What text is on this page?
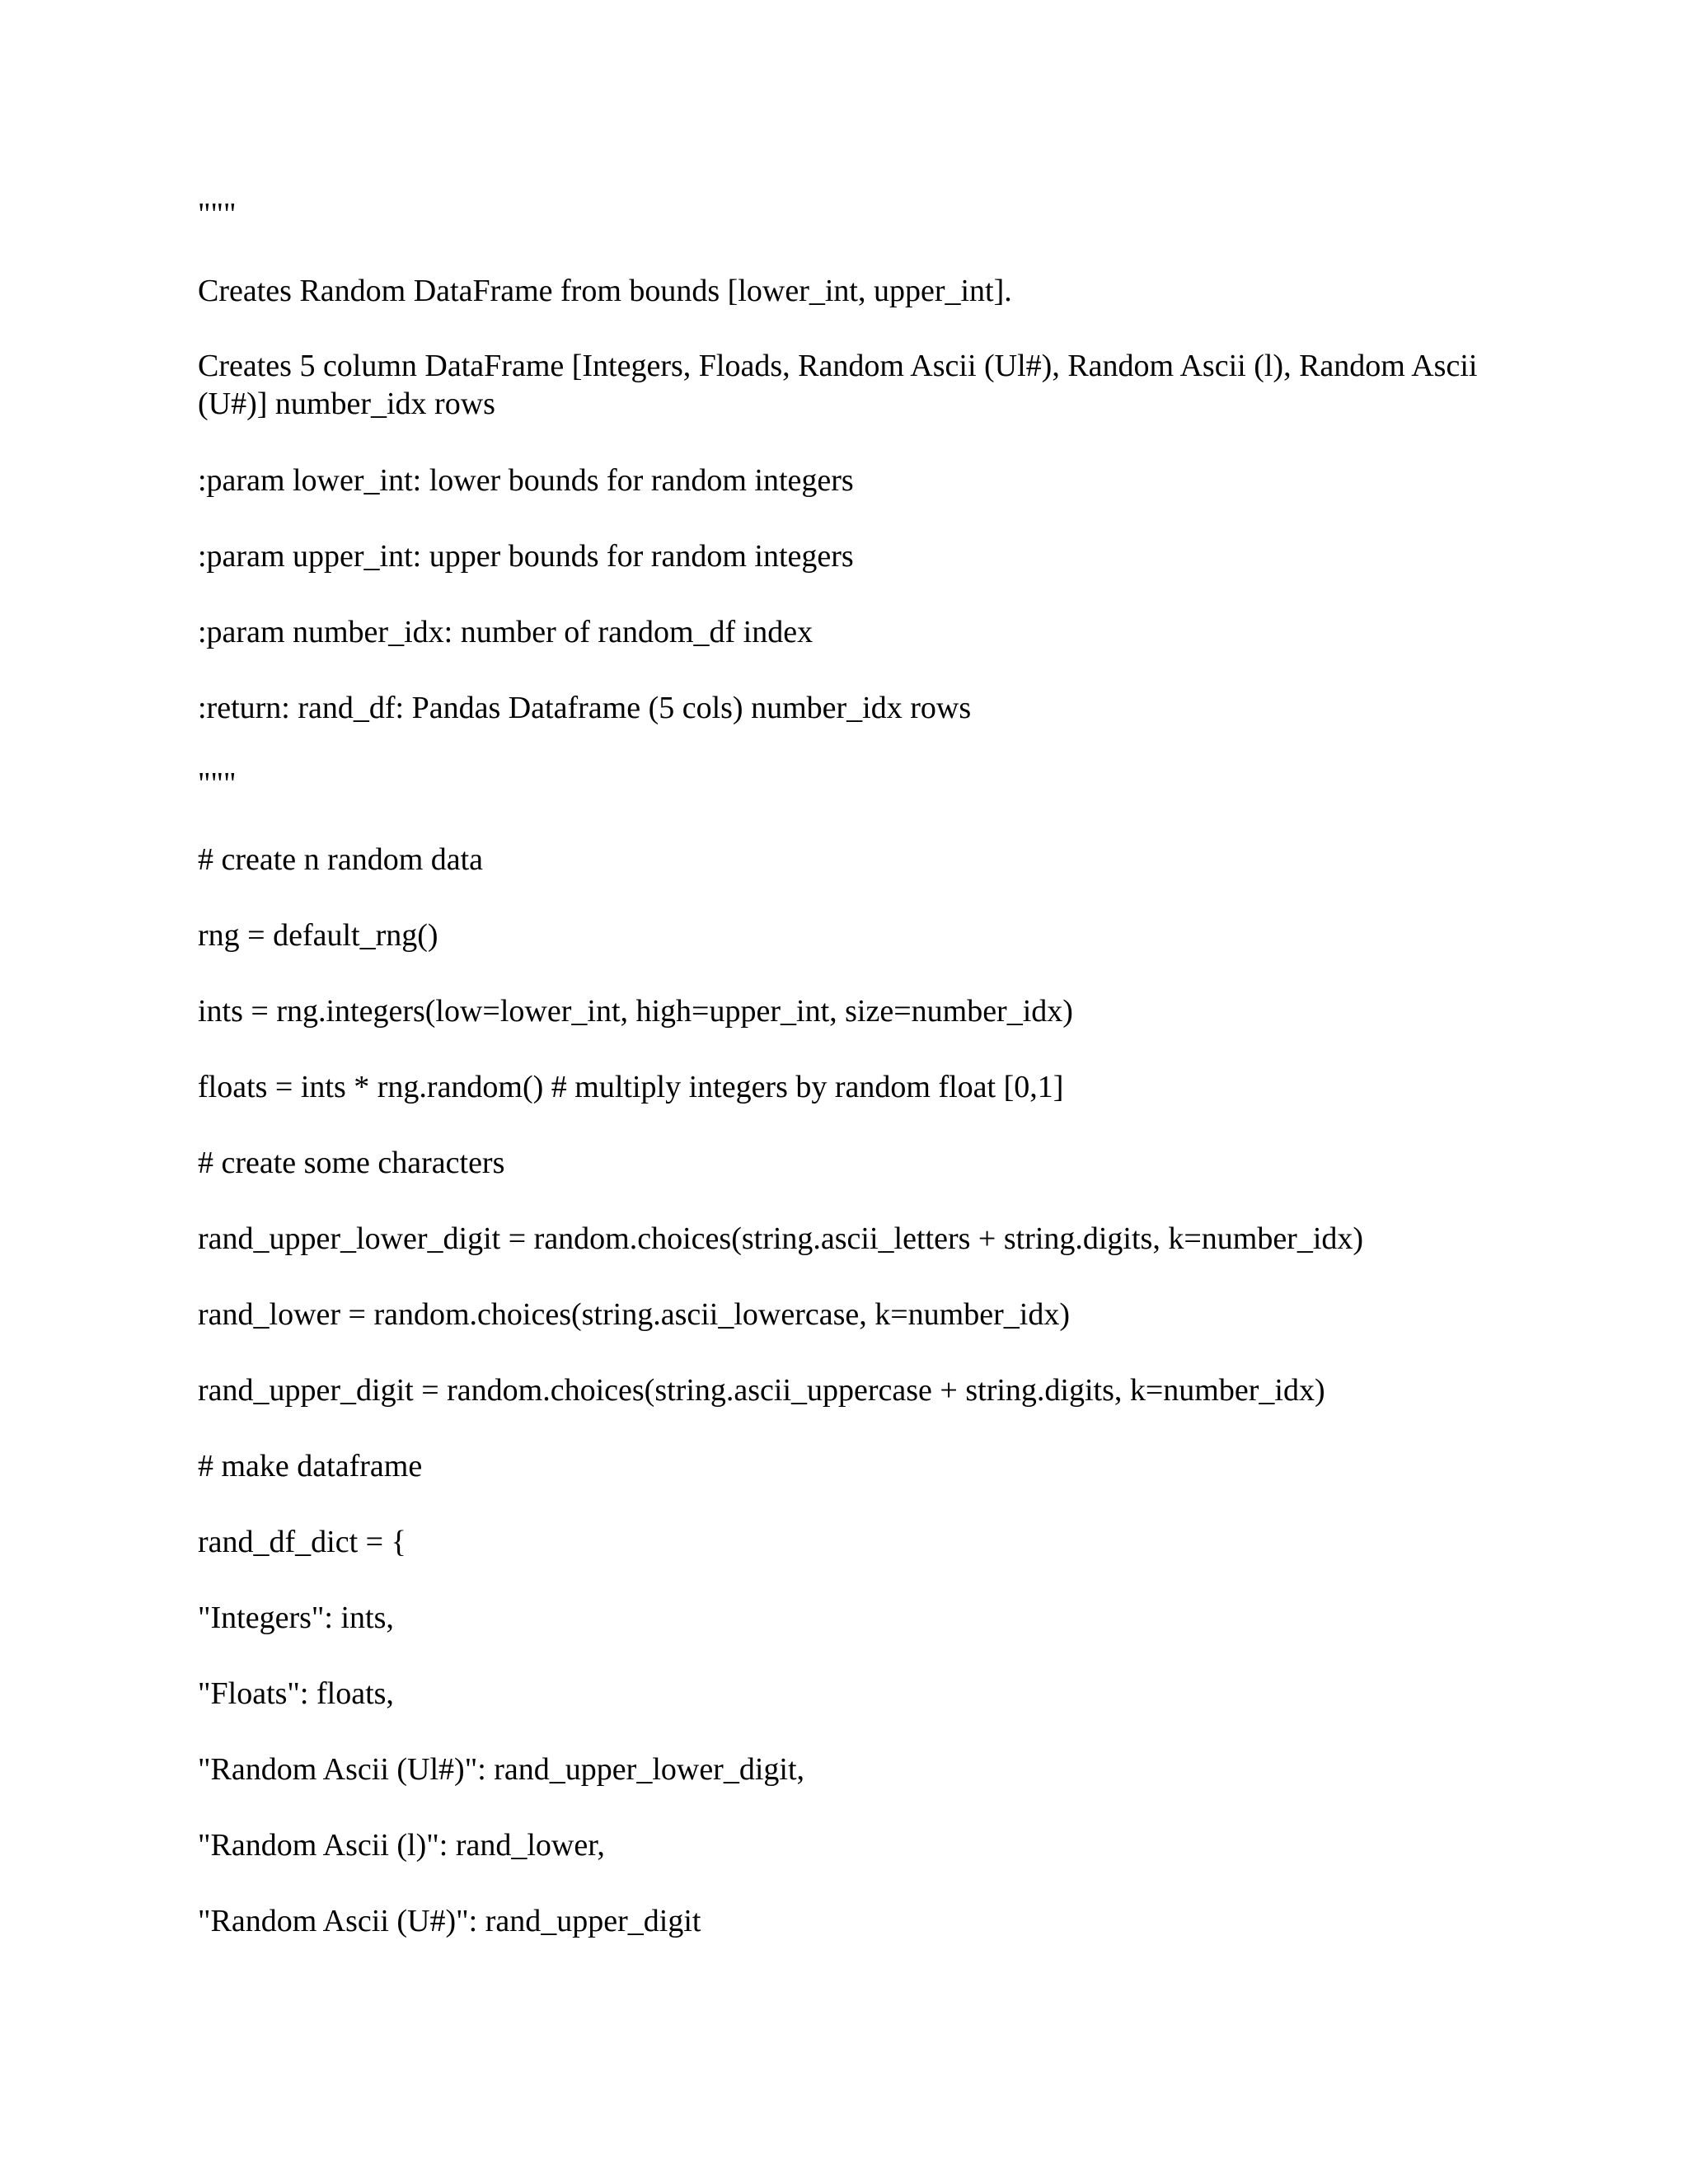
"""

Creates Random DataFrame from bounds [lower_int, upper_int].

Creates 5 column DataFrame [Integers, Floads, Random Ascii (Ul#), Random Ascii (l), Random Ascii (U#)] number_idx rows

:param lower_int: lower bounds for random integers

:param upper_int: upper bounds for random integers

:param number_idx: number of random_df index

:return: rand_df: Pandas Dataframe (5 cols) number_idx rows

"""

# create n random data

rng = default_rng()

ints = rng.integers(low=lower_int, high=upper_int, size=number_idx)

floats = ints * rng.random() # multiply integers by random float [0,1]

# create some characters

rand_upper_lower_digit = random.choices(string.ascii_letters + string.digits, k=number_idx)

rand_lower = random.choices(string.ascii_lowercase, k=number_idx)

rand_upper_digit = random.choices(string.ascii_uppercase + string.digits, k=number_idx)

# make dataframe

rand_df_dict = {

"Integers": ints,

"Floats": floats,

"Random Ascii (Ul#)": rand_upper_lower_digit,

"Random Ascii (l)": rand_lower,

"Random Ascii (U#)": rand_upper_digit
